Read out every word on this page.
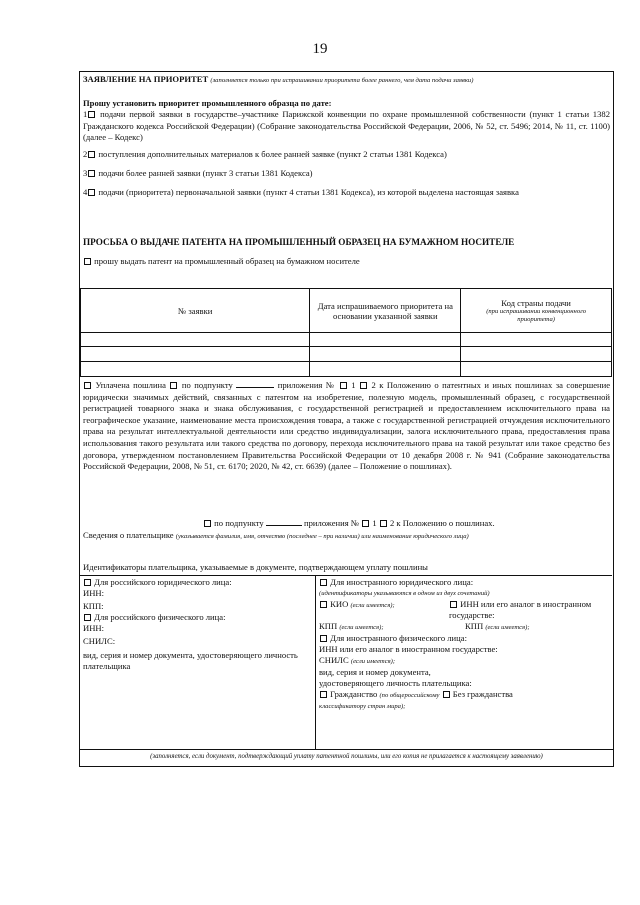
19
ЗАЯВЛЕНИЕ НА ПРИОРИТЕТ (заполняется только при испрашивании приоритета более раннего, чем дата подачи заявки)
Прошу установить приоритет промышленного образца по дате:
1 подачи первой заявки в государстве–участнике Парижской конвенции по охране промышленной собственности (пункт 1 статьи 1382 Гражданского кодекса Российской Федерации) (Собрание законодательства Российской Федерации, 2006, № 52, ст. 5496; 2014, № 11, ст. 1100) (далее – Кодекс)
2 поступления дополнительных материалов к более ранней заявке (пункт 2 статьи 1381 Кодекса)
3 подачи более ранней заявки (пункт 3 статьи 1381 Кодекса)
4 подачи (приоритета) первоначальной заявки (пункт 4 статьи 1381 Кодекса), из которой выделена настоящая заявка
ПРОСЬБА О ВЫДАЧЕ ПАТЕНТА НА ПРОМЫШЛЕННЫЙ ОБРАЗЕЦ НА БУМАЖНОМ НОСИТЕЛЕ
прошу выдать патент на промышленный образец на бумажном носителе
№ заявки	Дата испрашиваемого приоритета на основании указанной заявки	Код страны подачи
(при испрашивании конвенционного приоритета)

Уплачена пошлина по подпункту	приложения № 1 2 к Положению о патентных и иных пошлинах за совершение юридически значимых действий, связанных с патентом на изобретение, полезную модель, промышленный образец, с государственной регистрацией товарного знака и знака обслуживания, с государственной регистрацией и предоставлением исключительного права на географическое указание, наименование места происхождения товара, а также с государственной регистрацией отчуждения исключительного права на результат интеллектуальной деятельности или средство индивидуализации, залога исключительного права, предоставления права использования такого результата или такого средства по договору, перехода исключительного права на такой результат или такое средство без договора, утвержденном постановлением Правительства Российской Федерации от 10 декабря 2008 г. № 941 (Собрание законодательства Российской Федерации, 2008, № 51, ст. 6170; 2020, № 42, ст. 6639) (далее – Положение о пошлинах).
по подпункту	приложения № 1 2 к Положению о пошлинах.
Сведения о плательщике (указывается фамилия, имя, отчество (последнее – при наличии) или наименование юридического лица)
Идентификаторы плательщика, указываемые в документе, подтверждающем уплату пошлины
Для российского юридического лица:
ИНН:
КПП:
Для российского физического лица:
ИНН:
СНИЛС:
вид, серия и номер документа, удостоверяющего личность плательщика
Для иностранного юридического лица:
(идентификаторы указываются в одном из двух сочетаний)
КИО (если имеется);	ИНН или его аналог в иностранном государстве:
КПП (если имеется);	КПП (если имеется);
Для иностранного физического лица:
ИНН или его аналог в иностранном государстве:
СНИЛС (если имеется);
вид, серия и номер документа,
удостоверяющего личность плательщика:
Гражданство (по общероссийскому Без гражданства
классификатору стран мира);
(заполняется, если документ, подтверждающий уплату патентной пошлины, или его копия не прилагается к настоящему заявлению)
